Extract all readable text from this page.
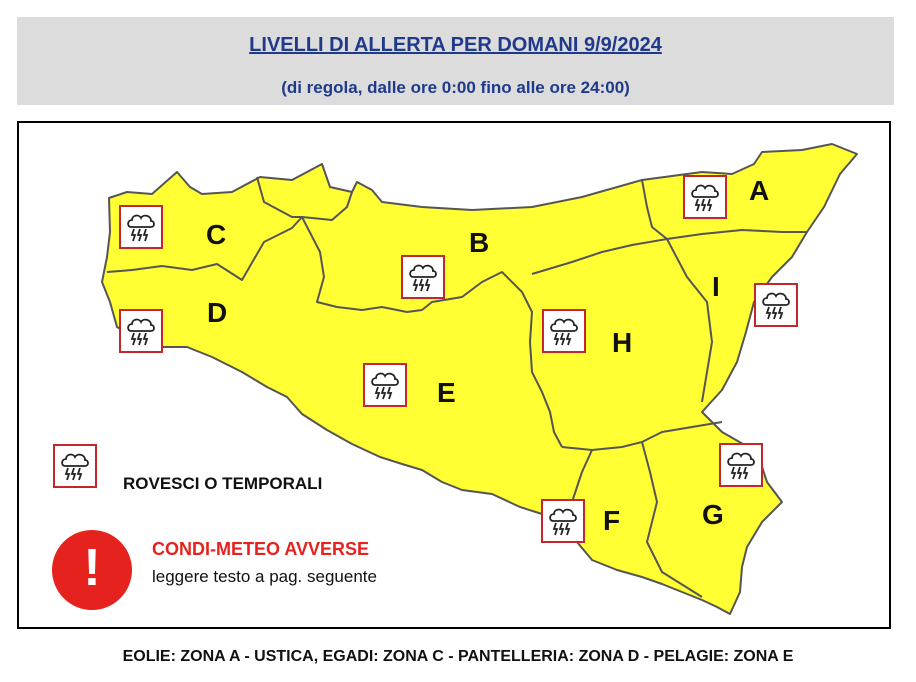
LIVELLI DI ALLERTA PER DOMANI 9/9/2024
(di regola, dalle ore 0:00 fino alle ore 24:00)
A
B
C
D
E
F	G
H
I
ROVESCI O TEMPORALI
!	CONDI-METEO AVVERSE
leggere testo a pag. seguente
EOLIE: ZONA A - USTICA, EGADI: ZONA C - PANTELLERIA: ZONA D - PELAGIE: ZONA E
